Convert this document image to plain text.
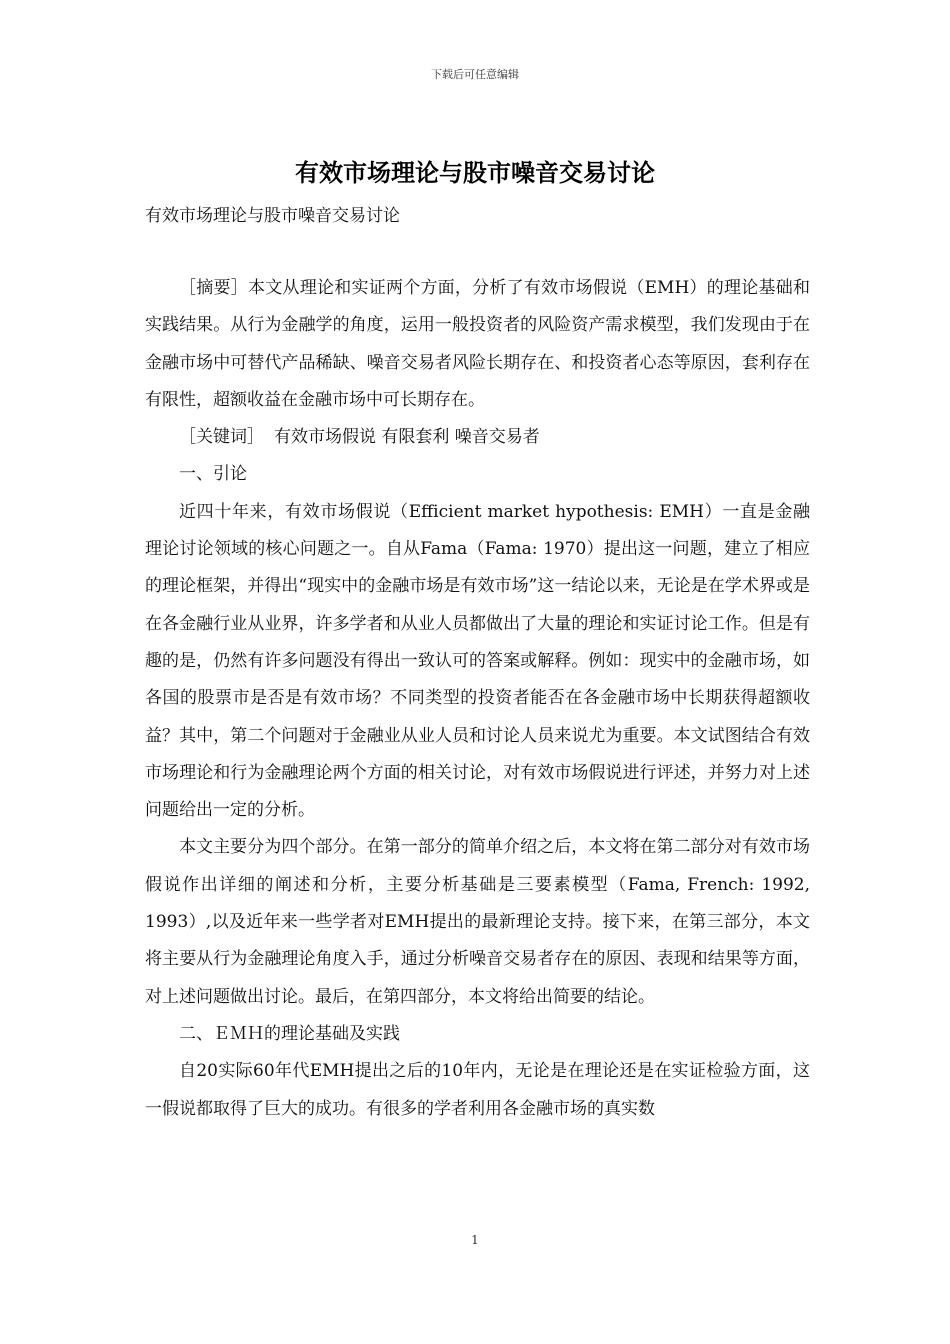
下载后可任意编辑
有效市场理论与股市噪音交易讨论
有效市场理论与股市噪音交易讨论

［摘要］本文从理论和实证两个方面，分析了有效市场假说（EMH）的理论基础和实践结果。从行为金融学的角度，运用一般投资者的风险资产需求模型，我们发现由于在金融市场中可替代产品稀缺、噪音交易者风险长期存在、和投资者心态等原因，套利存在有限性，超额收益在金融市场中可长期存在。

［关键词］ 有效市场假说 有限套利 噪音交易者

一、引论

近四十年来，有效市场假说（Efficient market hypothesis: EMH）一直是金融理论讨论领域的核心问题之一。自从Fama（Fama: 1970）提出这一问题，建立了相应的理论框架，并得出“现实中的金融市场是有效市场”这一结论以来，无论是在学术界或是在各金融行业从业界，许多学者和从业人员都做出了大量的理论和实证讨论工作。但是有趣的是，仍然有许多问题没有得出一致认可的答案或解释。例如：现实中的金融市场，如各国的股票市是否是有效市场？不同类型的投资者能否在各金融市场中长期获得超额收益？其中，第二个问题对于金融业从业人员和讨论人员来说尤为重要。本文试图结合有效市场理论和行为金融理论两个方面的相关讨论，对有效市场假说进行评述，并努力对上述问题给出一定的分析。

本文主要分为四个部分。在第一部分的简单介绍之后，本文将在第二部分对有效市场假说作出详细的阐述和分析，主要分析基础是三要素模型（Fama, French: 1992, 1993）,以及近年来一些学者对EMH提出的最新理论支持。接下来，在第三部分，本文将主要从行为金融理论角度入手，通过分析噪音交易者存在的原因、表现和结果等方面，对上述问题做出讨论。最后，在第四部分，本文将给出简要的结论。

二、ＥＭＨ的理论基础及实践

自20实际60年代EMH提出之后的10年内，无论是在理论还是在实证检验方面，这一假说都取得了巨大的成功。有很多的学者利用各金融市场的真实数

1
